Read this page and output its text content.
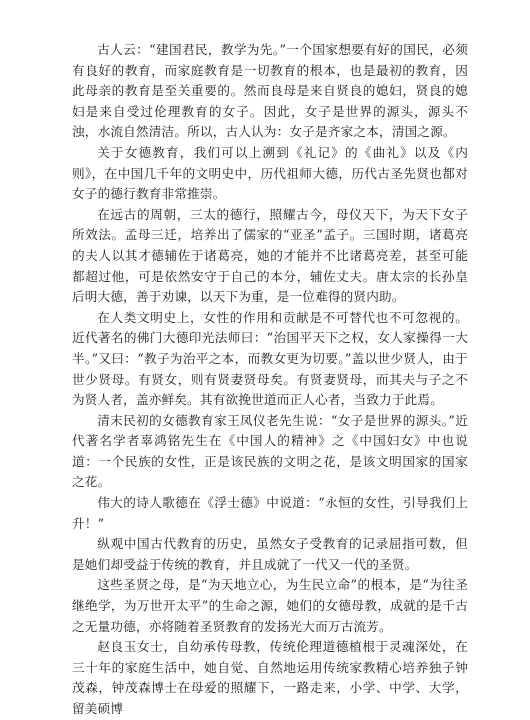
古人云：“建国君民，教学为先。”一个国家想要有好的国民，必须有良好的教育，而家庭教育是一切教育的根本，也是最初的教育，因此母亲的教育是至关重要的。然而良母是来自贤良的媳妇，贤良的媳妇是来自受过伦理教育的女子。因此，女子是世界的源头，源头不浊，水流自然清洁。所以，古人认为：女子是齐家之本，清国之源。

关于女德教育，我们可以上溯到《礼记》的《曲礼》以及《内则》，在中国几千年的文明史中，历代祖师大德，历代古圣先贤也都对女子的德行教育非常推崇。

在远古的周朝，三太的德行，照耀古今，母仪天下，为天下女子所效法。孟母三迁，培养出了儒家的“亚圣”孟子。三国时期，诸葛亮的夫人以其才德辅佐于诸葛亮，她的才能并不比诸葛亮差，甚至可能都超过他，可是依然安守于自己的本分，辅佐丈夫。唐太宗的长孙皇后明大德，善于劝谏，以天下为重，是一位难得的贤内助。

在人类文明史上，女性的作用和贡献是不可替代也不可忽视的。近代著名的佛门大德印光法师曰：“治国平天下之权，女人家操得一大半。”又曰：“教子为治平之本，而教女更为切要。”盖以世少贤人，由于世少贤母。有贤女，则有贤妻贤母矣。有贤妻贤母，而其夫与子之不为贤人者，盖亦鲜矣。其有欲挽世道而正人心者，当致力于此焉。

清末民初的女德教育家王凤仪老先生说：“女子是世界的源头。”近代著名学者辜鸿铭先生在《中国人的精神》之《中国妇女》中也说道：一个民族的女性，正是该民族的文明之花，是该文明国家的国家之花。

伟大的诗人歌德在《浮士德》中说道：“永恒的女性，引导我们上升！”

纵观中国古代教育的历史，虽然女子受教育的记录屈指可数，但是她们却受益于传统的教育，并且成就了一代又一代的圣贤。

这些圣贤之母，是“为天地立心，为生民立命”的根本，是“为往圣继绝学，为万世开太平”的生命之源，她们的女德母教，成就的是千古之无量功德，亦将随着圣贤教育的发扬光大而万古流芳。

赵良玉女士，自幼承传母教，传统伦理道德植根于灵魂深处，在三十年的家庭生活中，她自觉、自然地运用传统家教精心培养独子钟茂森，钟茂森博士在母爱的照耀下，一路走来，小学、中学、大学，留美硕博
